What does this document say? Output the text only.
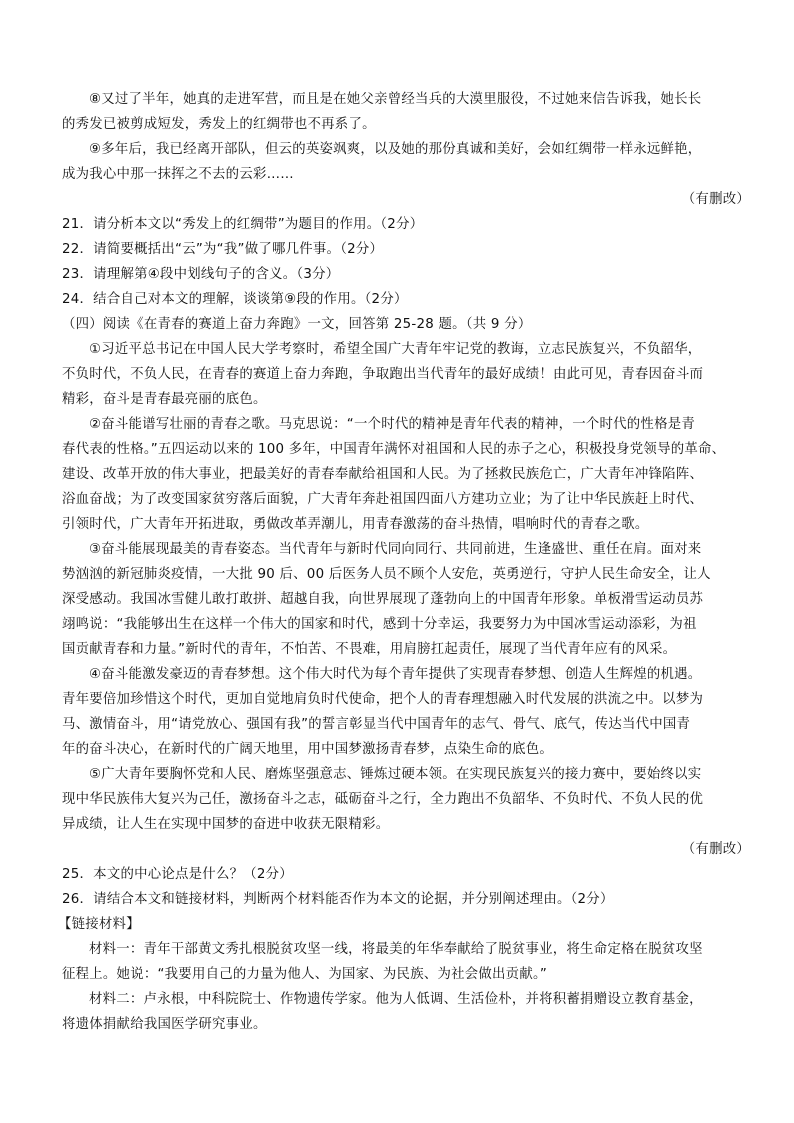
⑧又过了半年，她真的走进军营，而且是在她父亲曾经当兵的大漠里服役，不过她来信告诉我，她长长
的秀发已被剪成短发，秀发上的红绸带也不再系了。
⑨多年后，我已经离开部队，但云的英姿飒爽，以及她的那份真诚和美好，会如红绸带一样永远鲜艳，
成为我心中那一抹挥之不去的云彩……
（有删改）
21．请分析本文以“秀发上的红绸带”为题目的作用。（2分）
22．请简要概括出“云”为“我”做了哪几件事。（2分）
23．请理解第④段中划线句子的含义。（3分）
24．结合自己对本文的理解，谈谈第⑨段的作用。（2分）
（四）阅读《在青春的赛道上奋力奔跑》一文，回答第 25-28 题。（共 9 分）
①习近平总书记在中国人民大学考察时，希望全国广大青年牢记党的教诲，立志民族复兴，不负韶华，
不负时代，不负人民，在青春的赛道上奋力奔跑，争取跑出当代青年的最好成绩！由此可见，青春因奋斗而
精彩，奋斗是青春最亮丽的底色。
②奋斗能谱写壮丽的青春之歌。马克思说：“一个时代的精神是青年代表的精神，一个时代的性格是青
春代表的性格。”五四运动以来的 100 多年，中国青年满怀对祖国和人民的赤子之心，积极投身党领导的革命、
建设、改革开放的伟大事业，把最美好的青春奉献给祖国和人民。为了拯救民族危亡，广大青年冲锋陷阵、
浴血奋战；为了改变国家贫穷落后面貌，广大青年奔赴祖国四面八方建功立业；为了让中华民族赶上时代、
引领时代，广大青年开拓进取，勇做改革弄潮儿，用青春激荡的奋斗热情，唱响时代的青春之歌。
③奋斗能展现最美的青春姿态。当代青年与新时代同向同行、共同前进，生逢盛世、重任在肩。面对来
势汹汹的新冠肺炎疫情，一大批 90 后、00 后医务人员不顾个人安危，英勇逆行，守护人民生命安全，让人
深受感动。我国冰雪健儿敢打敢拼、超越自我，向世界展现了蓬勃向上的中国青年形象。单板滑雪运动员苏
翊鸣说：“我能够出生在这样一个伟大的国家和时代，感到十分幸运，我要努力为中国冰雪运动添彩，为祖
国贡献青春和力量。”新时代的青年，不怕苦、不畏难，用肩膀扛起责任，展现了当代青年应有的风采。
④奋斗能激发豪迈的青春梦想。这个伟大时代为每个青年提供了实现青春梦想、创造人生辉煌的机遇。
青年要倍加珍惜这个时代，更加自觉地肩负时代使命，把个人的青春理想融入时代发展的洪流之中。以梦为
马、激情奋斗，用“请党放心、强国有我”的誓言彰显当代中国青年的志气、骨气、底气，传达当代中国青
年的奋斗决心，在新时代的广阔天地里，用中国梦激扬青春梦，点染生命的底色。
⑤广大青年要胸怀党和人民、磨炼坚强意志、锤炼过硬本领。在实现民族复兴的接力赛中，要始终以实
现中华民族伟大复兴为己任，激扬奋斗之志，砥砺奋斗之行，全力跑出不负韶华、不负时代、不负人民的优
异成绩，让人生在实现中国梦的奋进中收获无限精彩。
（有删改）
25．本文的中心论点是什么？（2分）
26．请结合本文和链接材料，判断两个材料能否作为本文的论据，并分别阐述理由。（2分）
【链接材料】
材料一：青年干部黄文秀扎根脱贫攻坚一线，将最美的年华奉献给了脱贫事业，将生命定格在脱贫攻坚
征程上。她说：“我要用自己的力量为他人、为国家、为民族、为社会做出贡献。”
材料二：卢永根，中科院院士、作物遗传学家。他为人低调、生活俭朴，并将积蓄捐赠设立教育基金，
将遗体捐献给我国医学研究事业。
